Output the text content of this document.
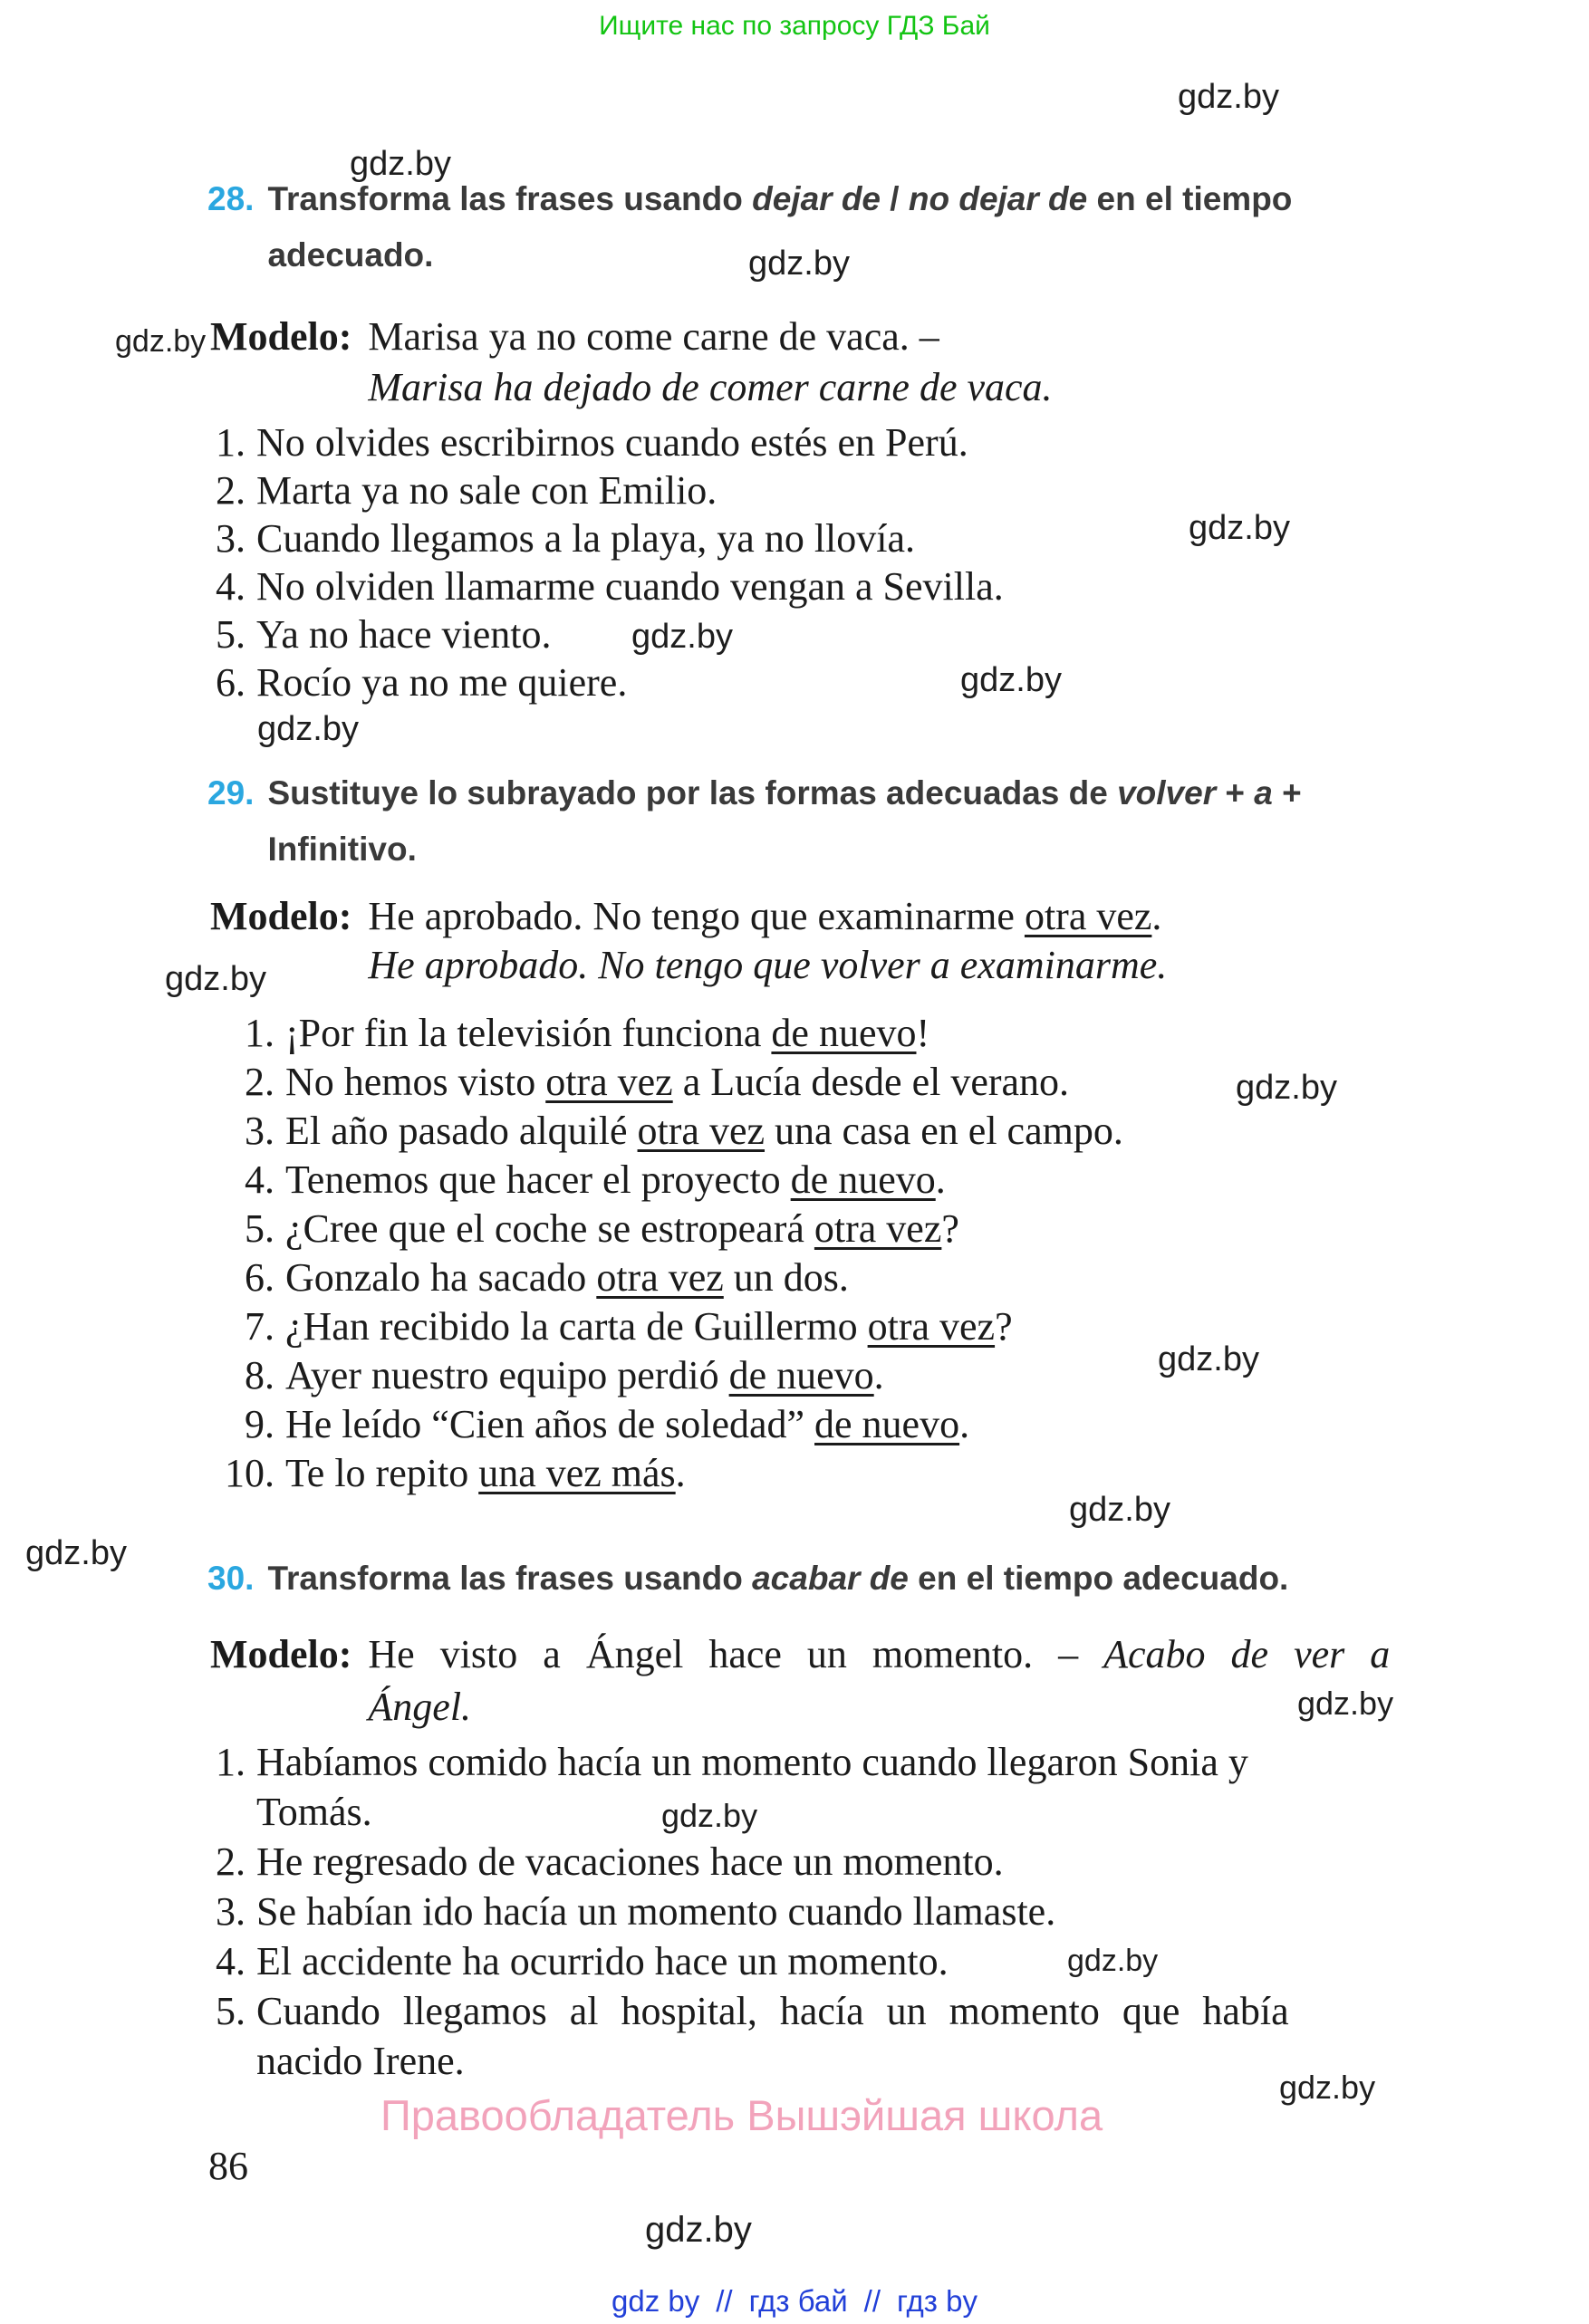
Ищите нас по запросу ГДЗ Бай
gdz.by
gdz.by
gdz.by
gdz.by
gdz.by
gdz.by
gdz.by
gdz.by
gdz.by
gdz.by
gdz.by
gdz.by
gdz.by
gdz.by
gdz.by
gdz.by
gdz.by
gdz.by
28. Transforma las frases usando dejar de / no dejar de en el tiempo adecuado.
Modelo: Marisa ya no come carne de vaca. –
Marisa ha dejado de comer carne de vaca.
1. No olvides escribirnos cuando estés en Perú.
2. Marta ya no sale con Emilio.
3. Cuando llegamos a la playa, ya no llovía.
4. No olviden llamarme cuando vengan a Sevilla.
5. Ya no hace viento.
6. Rocío ya no me quiere.
29. Sustituye lo subrayado por las formas adecuadas de volver + a + Infinitivo.
Modelo: He aprobado. No tengo que examinarme otra vez.
He aprobado. No tengo que volver a examinarme.
1. ¡Por fin la televisión funciona de nuevo!
2. No hemos visto otra vez a Lucía desde el verano.
3. El año pasado alquilé otra vez una casa en el campo.
4. Tenemos que hacer el proyecto de nuevo.
5. ¿Cree que el coche se estropeará otra vez?
6. Gonzalo ha sacado otra vez un dos.
7. ¿Han recibido la carta de Guillermo otra vez?
8. Ayer nuestro equipo perdió de nuevo.
9. He leído “Cien años de soledad” de nuevo.
10. Te lo repito una vez más.
30. Transforma las frases usando acabar de en el tiempo adecuado.
Modelo: He visto a Ángel hace un momento. – Acabo de ver a
Ángel.
1. Habíamos comido hacía un momento cuando llegaron Sonia y
Tomás.
2. He regresado de vacaciones hace un momento.
3. Se habían ido hacía un momento cuando llamaste.
4. El accidente ha ocurrido hace un momento.
5. Cuando llegamos al hospital, hacía un momento que había
nacido Irene.
Правообладатель Вышэйшая школа
86
gdz by // гдз бай // гдз by
